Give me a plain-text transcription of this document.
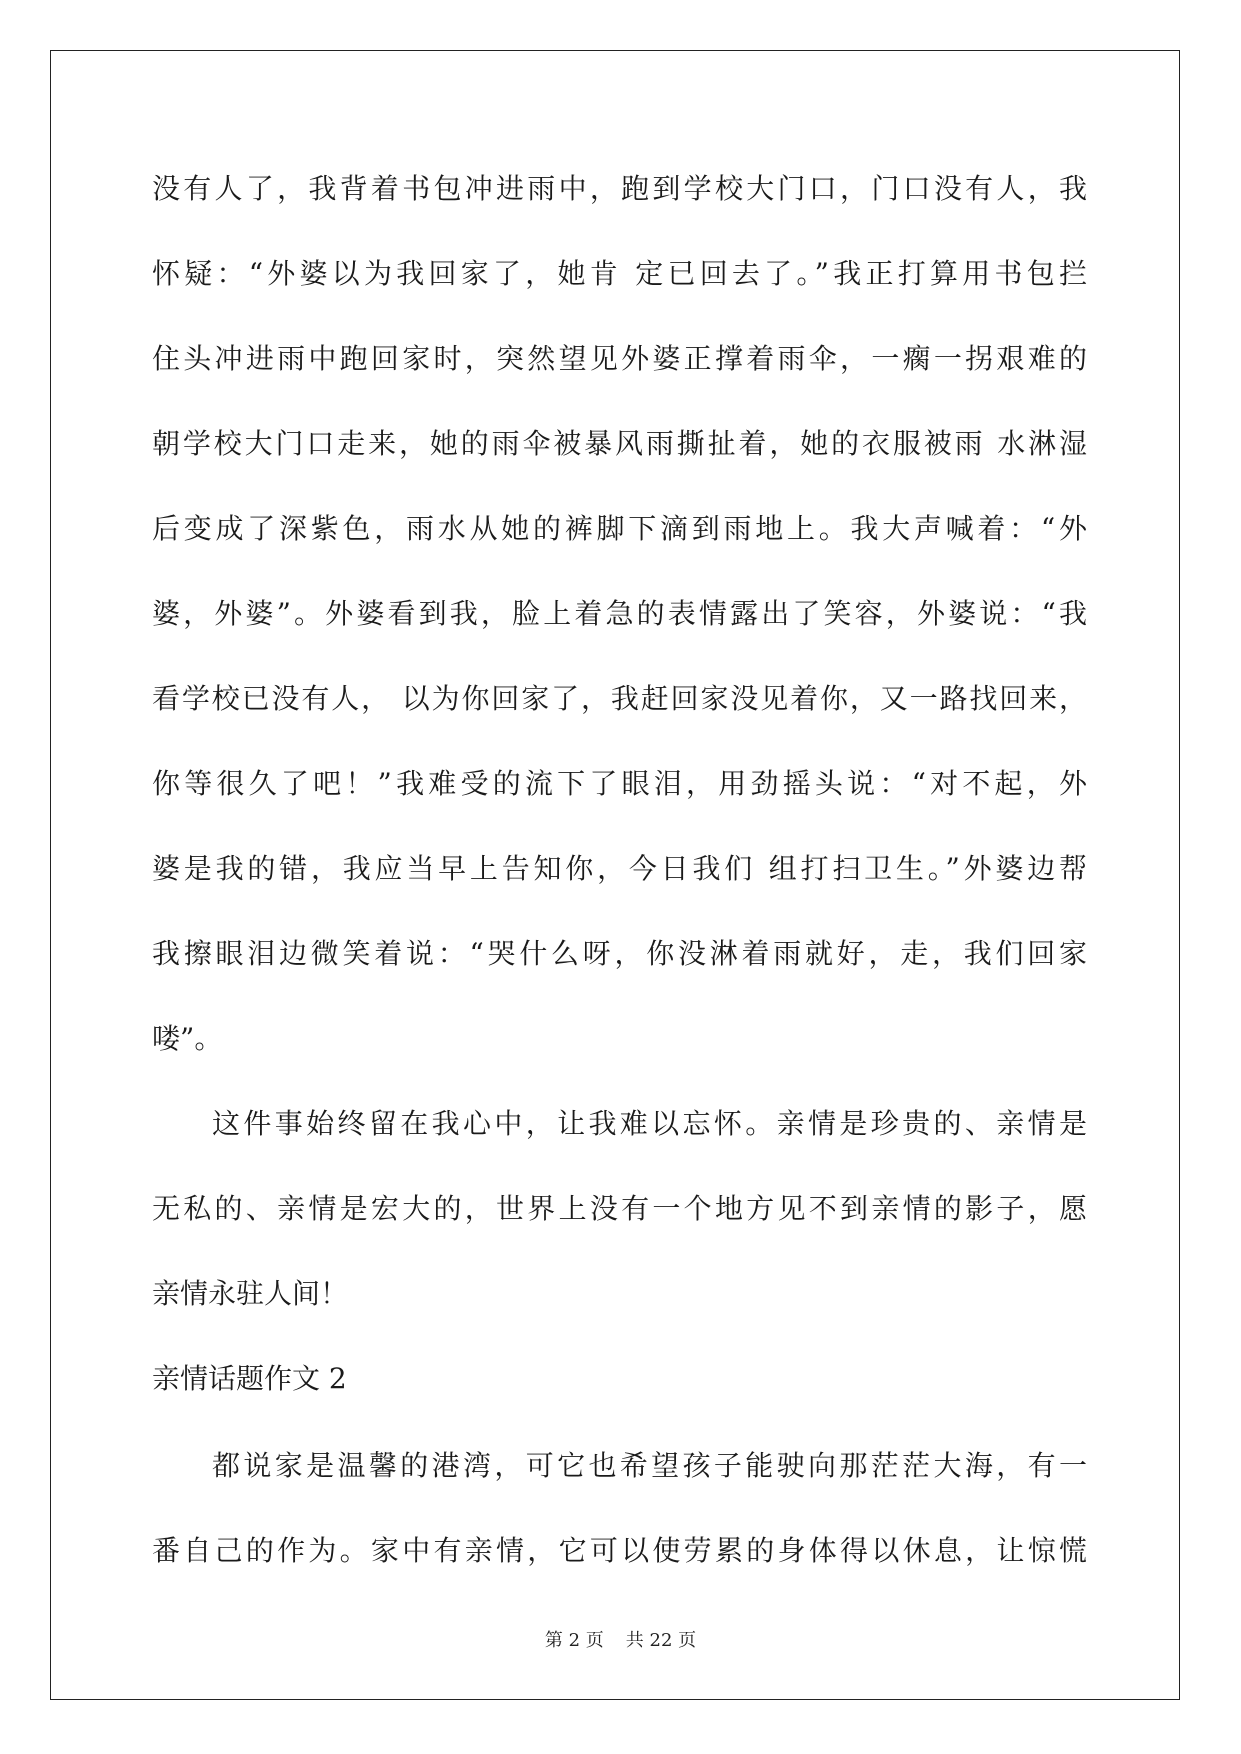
没有人了，我背着书包冲进雨中，跑到学校大门口，门口没有人，我
怀疑：“外婆以为我回家了，她肯 定已回去了。”我正打算用书包拦
住头冲进雨中跑回家时，突然望见外婆正撑着雨伞，一瘸一拐艰难的
朝学校大门口走来，她的雨伞被暴风雨撕扯着，她的衣服被雨 水淋湿
后变成了深紫色，雨水从她的裤脚下滴到雨地上。我大声喊着：“外
婆，外婆”。外婆看到我，脸上着急的表情露出了笑容，外婆说：“我
看学校已没有人， 以为你回家了，我赶回家没见着你，又一路找回来，
你等很久了吧！”我难受的流下了眼泪，用劲摇头说：“对不起，外
婆是我的错，我应当早上告知你，今日我们 组打扫卫生。”外婆边帮
我擦眼泪边微笑着说：“哭什么呀，你没淋着雨就好，走，我们回家
喽”。
这件事始终留在我心中，让我难以忘怀。亲情是珍贵的、亲情是
无私的、亲情是宏大的，世界上没有一个地方见不到亲情的影子，愿
亲情永驻人间！
亲情话题作文 2
都说家是温馨的港湾，可它也希望孩子能驶向那茫茫大海，有一
番自己的作为。家中有亲情，它可以使劳累的身体得以休息，让惊慌
第 2 页 共 22 页
